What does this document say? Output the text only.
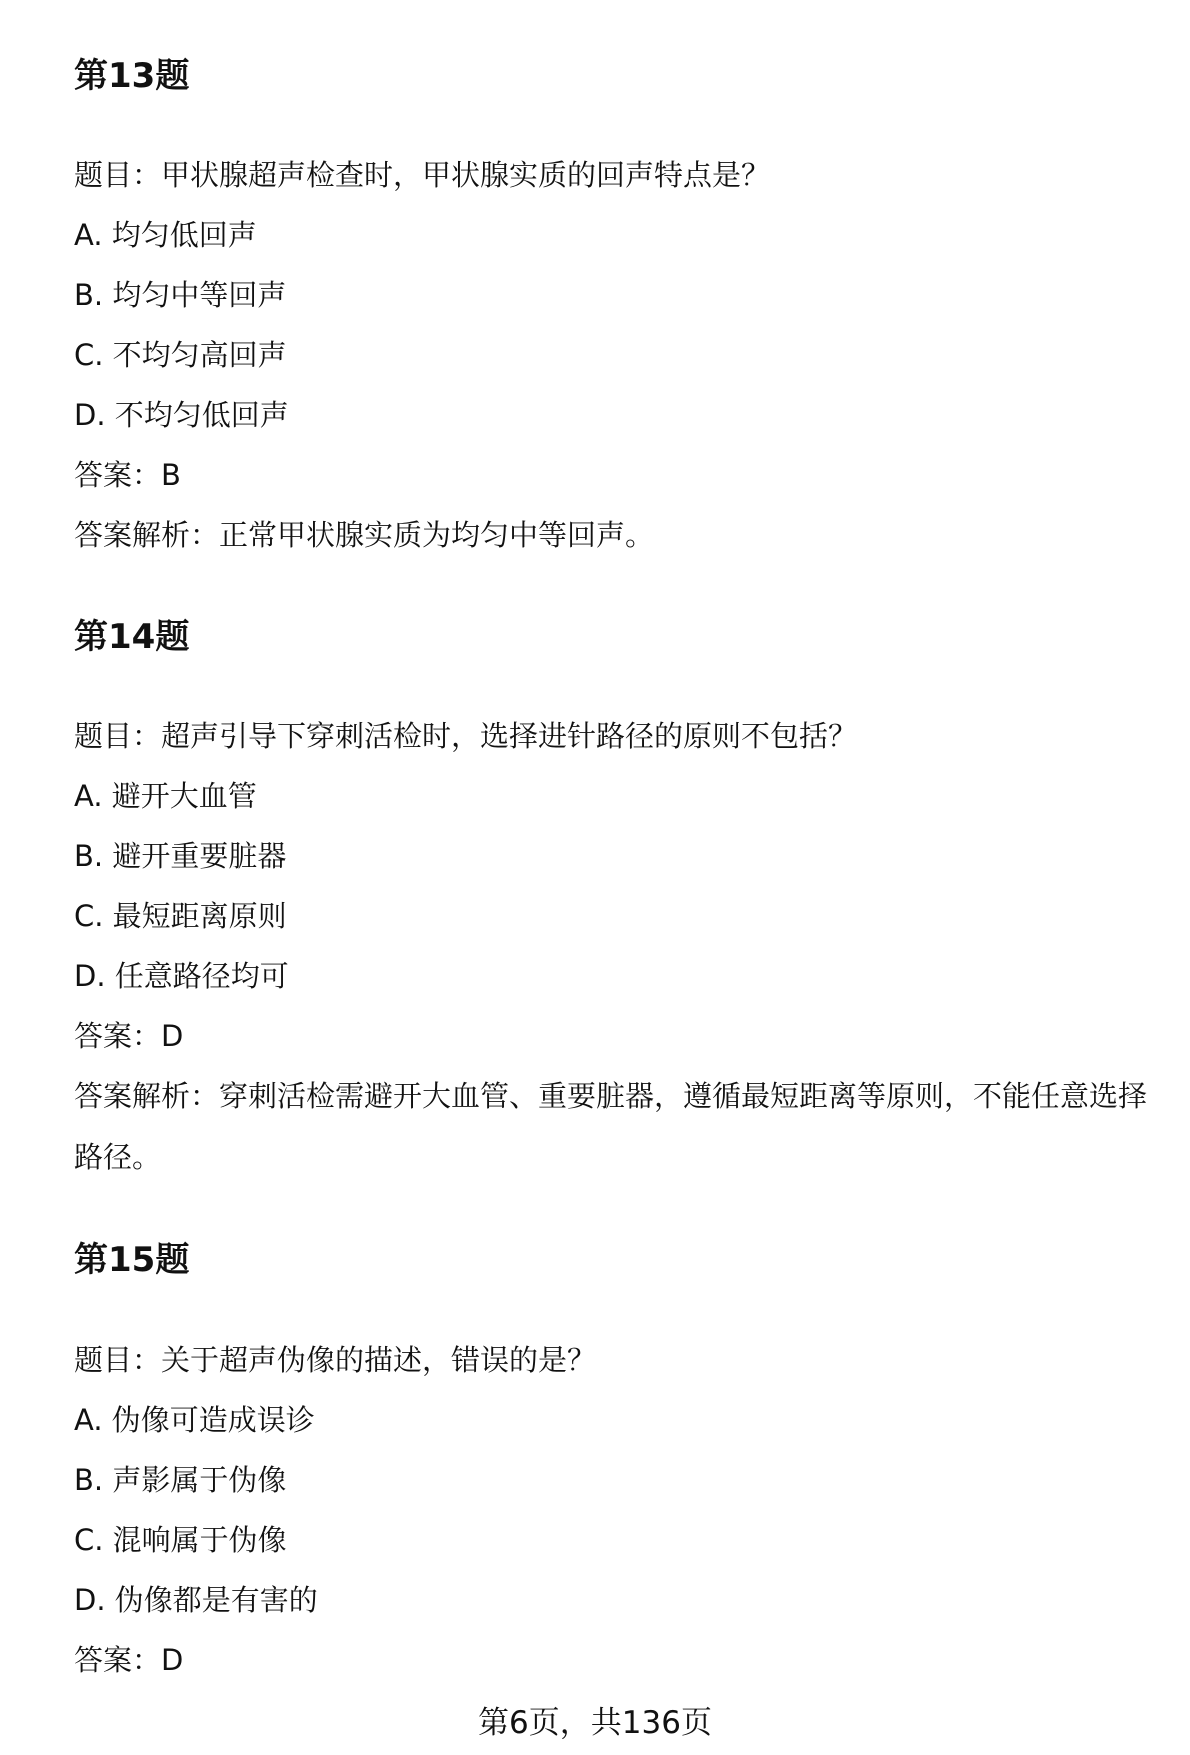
第13题
题目：甲状腺超声检查时，甲状腺实质的回声特点是？
A. 均匀低回声
B. 均匀中等回声
C. 不均匀高回声
D. 不均匀低回声
答案：B
答案解析：正常甲状腺实质为均匀中等回声。
第14题
题目：超声引导下穿刺活检时，选择进针路径的原则不包括？
A. 避开大血管
B. 避开重要脏器
C. 最短距离原则
D. 任意路径均可
答案：D
答案解析：穿刺活检需避开大血管、重要脏器，遵循最短距离等原则，不能任意选择路径。
第15题
题目：关于超声伪像的描述，错误的是？
A. 伪像可造成误诊
B. 声影属于伪像
C. 混响属于伪像
D. 伪像都是有害的
答案：D
第6页，共136页
